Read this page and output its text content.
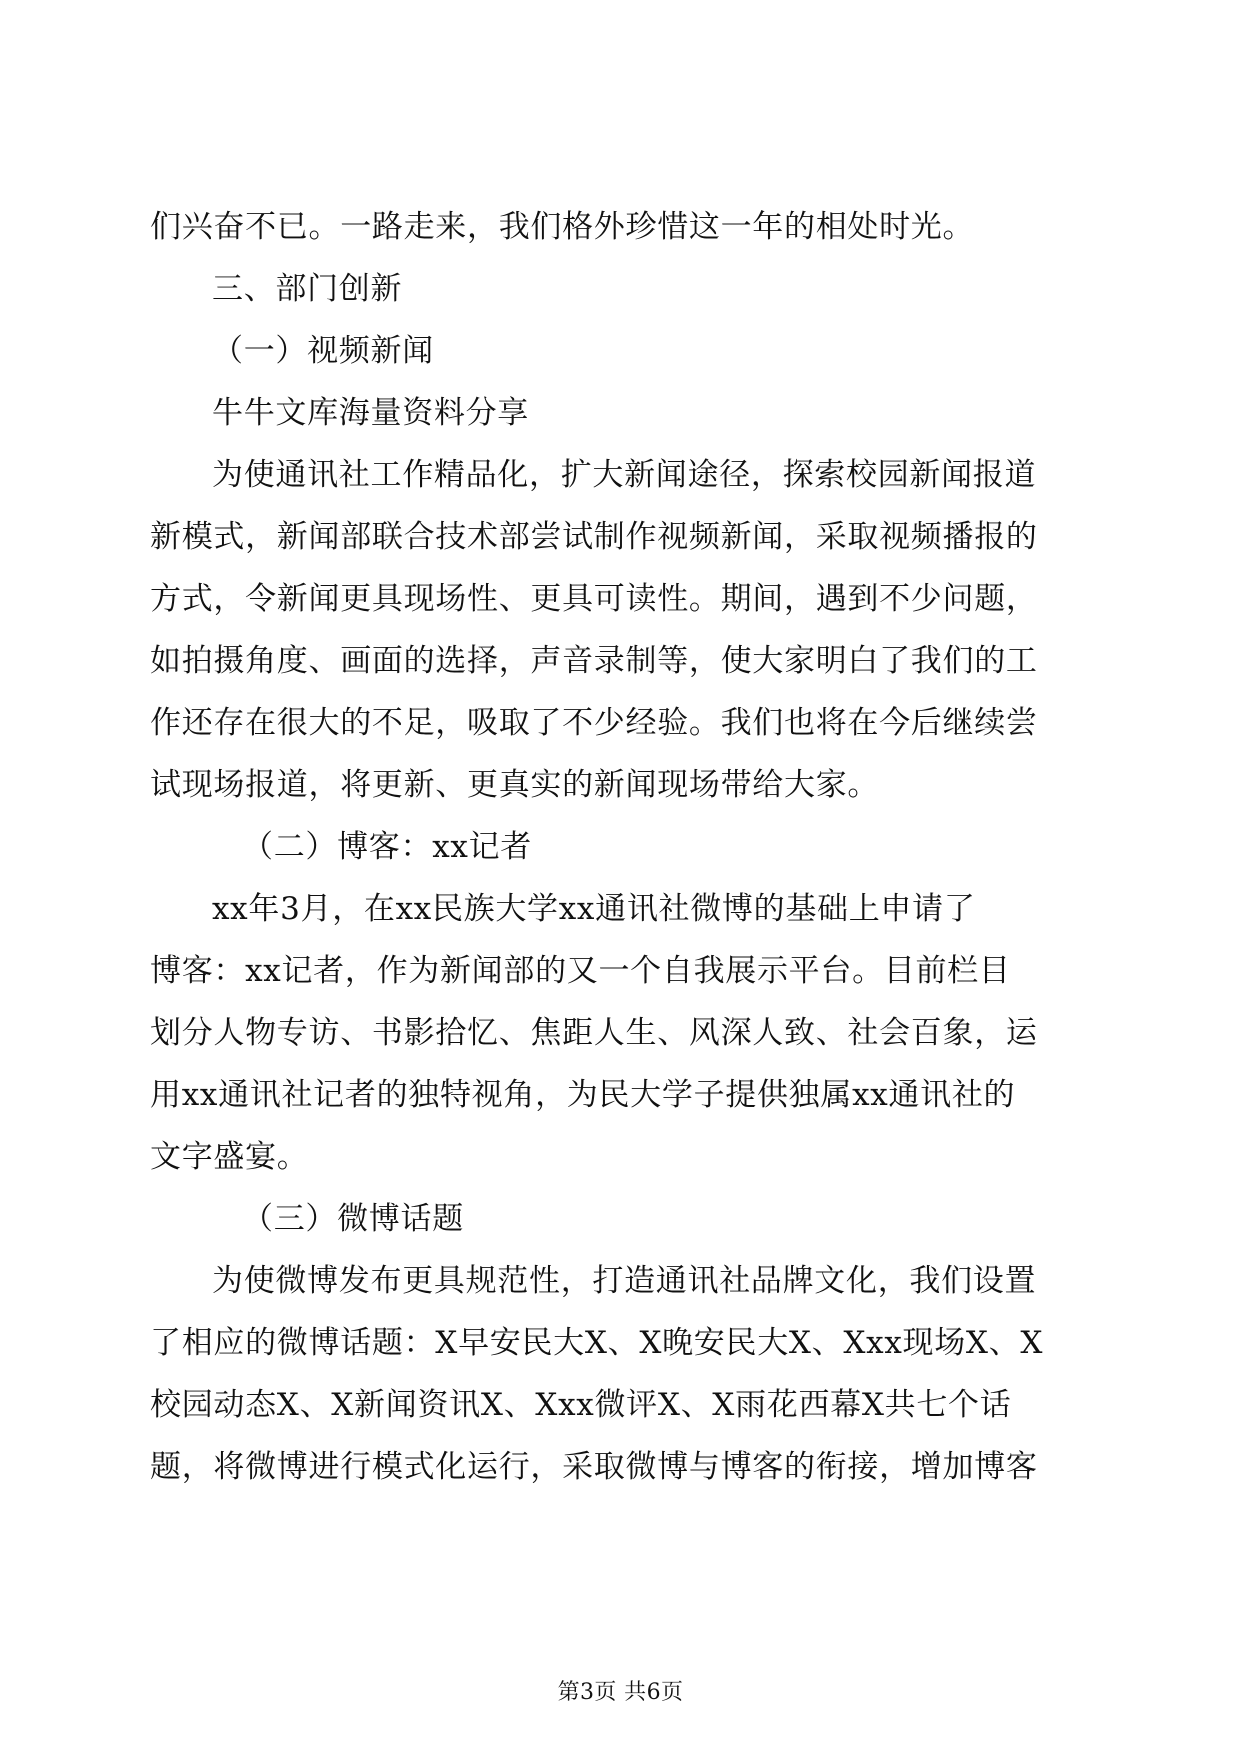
们兴奋不已。一路走来，我们格外珍惜这一年的相处时光。
三、部门创新
（一）视频新闻
牛牛文库海量资料分享
为使通讯社工作精品化，扩大新闻途径，探索校园新闻报道
新模式，新闻部联合技术部尝试制作视频新闻，采取视频播报的
方式，令新闻更具现场性、更具可读性。期间，遇到不少问题，
如拍摄角度、画面的选择，声音录制等，使大家明白了我们的工
作还存在很大的不足，吸取了不少经验。我们也将在今后继续尝
试现场报道，将更新、更真实的新闻现场带给大家。
（二）博客：xx记者
xx年3月，在xx民族大学xx通讯社微博的基础上申请了
博客：xx记者，作为新闻部的又一个自我展示平台。目前栏目
划分人物专访、书影拾忆、焦距人生、风深人致、社会百象，运
用xx通讯社记者的独特视角，为民大学子提供独属xx通讯社的
文字盛宴。
（三）微博话题
为使微博发布更具规范性，打造通讯社品牌文化，我们设置
了相应的微博话题：X早安民大X、X晚安民大X、Xxx现场X、X
校园动态X、X新闻资讯X、Xxx微评X、X雨花西幕X共七个话
题，将微博进行模式化运行，采取微博与博客的衔接，增加博客
第3页 共6页
